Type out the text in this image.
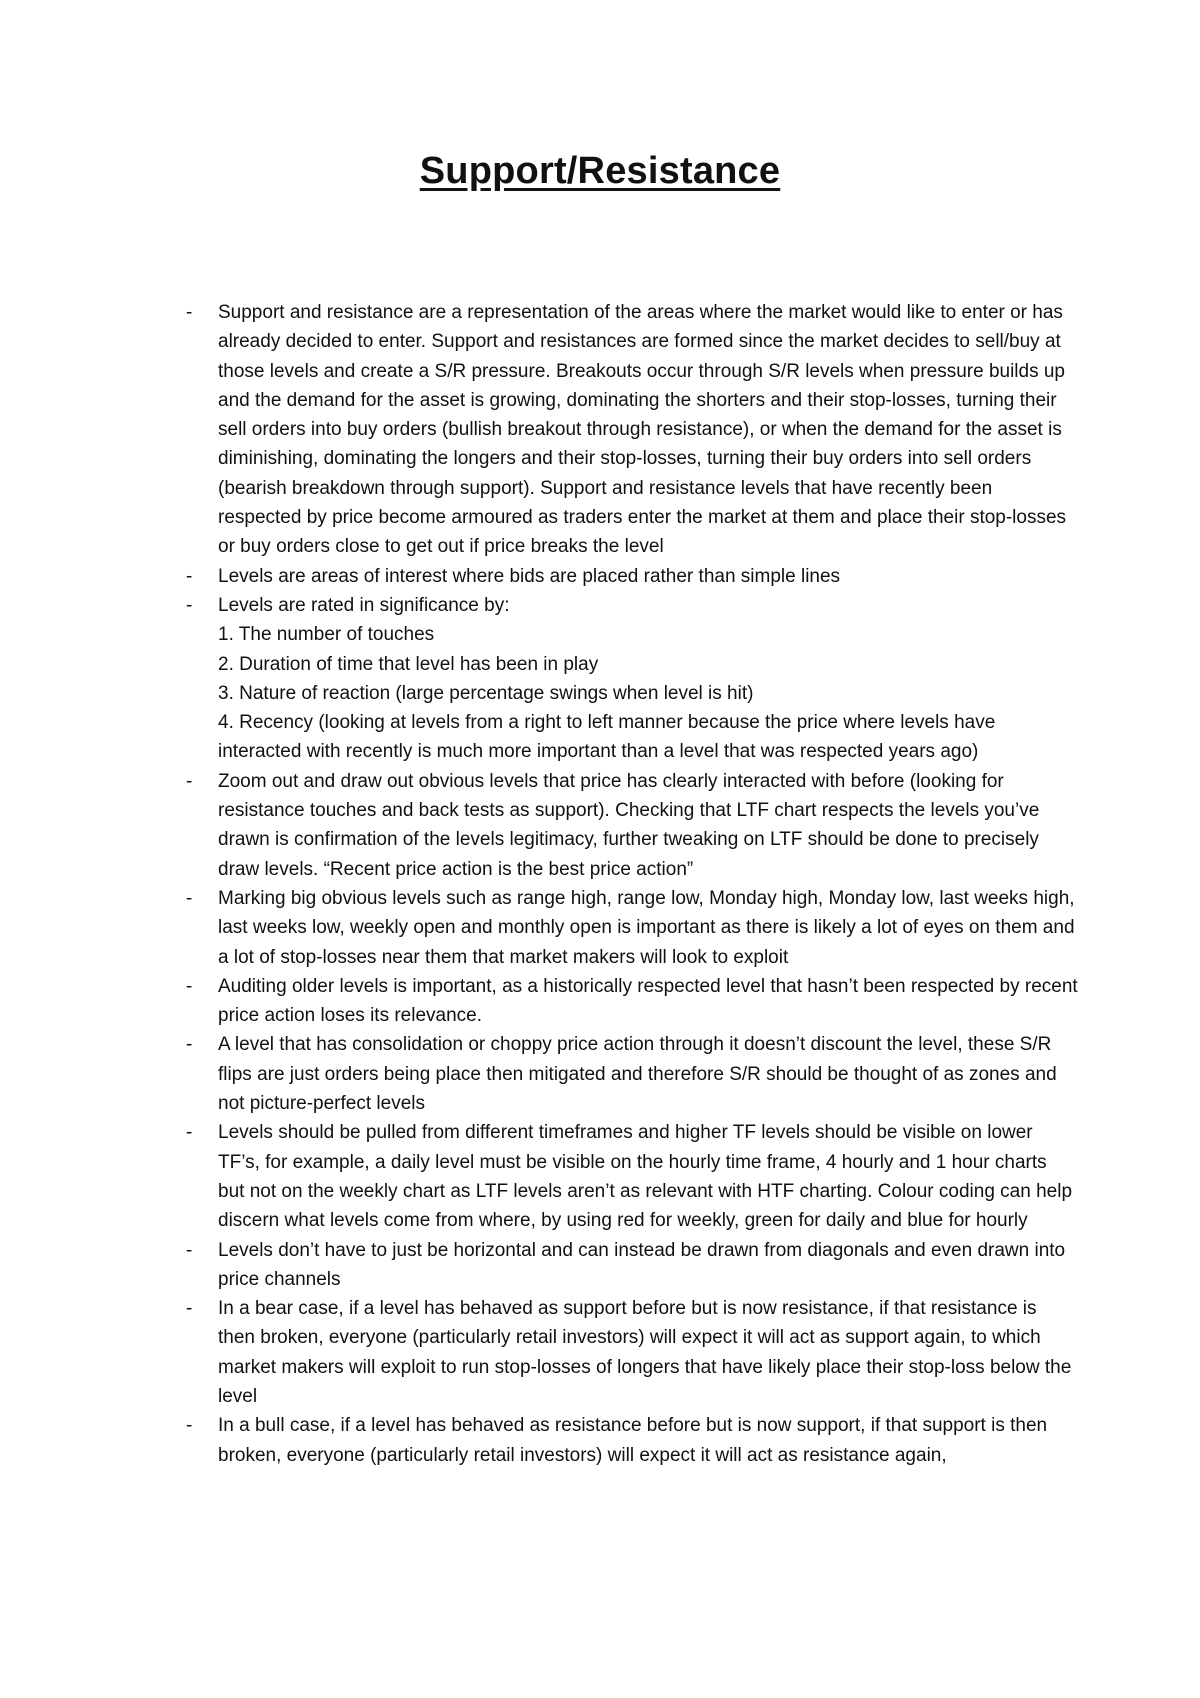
Support/Resistance
- Support and resistance are a representation of the areas where the market would like to enter or has already decided to enter. Support and resistances are formed since the market decides to sell/buy at those levels and create a S/R pressure. Breakouts occur through S/R levels when pressure builds up and the demand for the asset is growing, dominating the shorters and their stop-losses, turning their sell orders into buy orders (bullish breakout through resistance), or when the demand for the asset is diminishing, dominating the longers and their stop-losses, turning their buy orders into sell orders (bearish breakdown through support). Support and resistance levels that have recently been respected by price become armoured as traders enter the market at them and place their stop-losses or buy orders close to get out if price breaks the level
- Levels are areas of interest where bids are placed rather than simple lines
- Levels are rated in significance by:
1. The number of touches
2. Duration of time that level has been in play
3. Nature of reaction (large percentage swings when level is hit)
4. Recency (looking at levels from a right to left manner because the price where levels have interacted with recently is much more important than a level that was respected years ago)
- Zoom out and draw out obvious levels that price has clearly interacted with before (looking for resistance touches and back tests as support). Checking that LTF chart respects the levels you’ve drawn is confirmation of the levels legitimacy, further tweaking on LTF should be done to precisely draw levels. “Recent price action is the best price action”
- Marking big obvious levels such as range high, range low, Monday high, Monday low, last weeks high, last weeks low, weekly open and monthly open is important as there is likely a lot of eyes on them and a lot of stop-losses near them that market makers will look to exploit
- Auditing older levels is important, as a historically respected level that hasn’t been respected by recent price action loses its relevance.
- A level that has consolidation or choppy price action through it doesn’t discount the level, these S/R flips are just orders being place then mitigated and therefore S/R should be thought of as zones and not picture-perfect levels
- Levels should be pulled from different timeframes and higher TF levels should be visible on lower TF’s, for example, a daily level must be visible on the hourly time frame, 4 hourly and 1 hour charts but not on the weekly chart as LTF levels aren’t as relevant with HTF charting. Colour coding can help discern what levels come from where, by using red for weekly, green for daily and blue for hourly
- Levels don’t have to just be horizontal and can instead be drawn from diagonals and even drawn into price channels
- In a bear case, if a level has behaved as support before but is now resistance, if that resistance is then broken, everyone (particularly retail investors) will expect it will act as support again, to which market makers will exploit to run stop-losses of longers that have likely place their stop-loss below the level
- In a bull case, if a level has behaved as resistance before but is now support, if that support is then broken, everyone (particularly retail investors) will expect it will act as resistance again,
